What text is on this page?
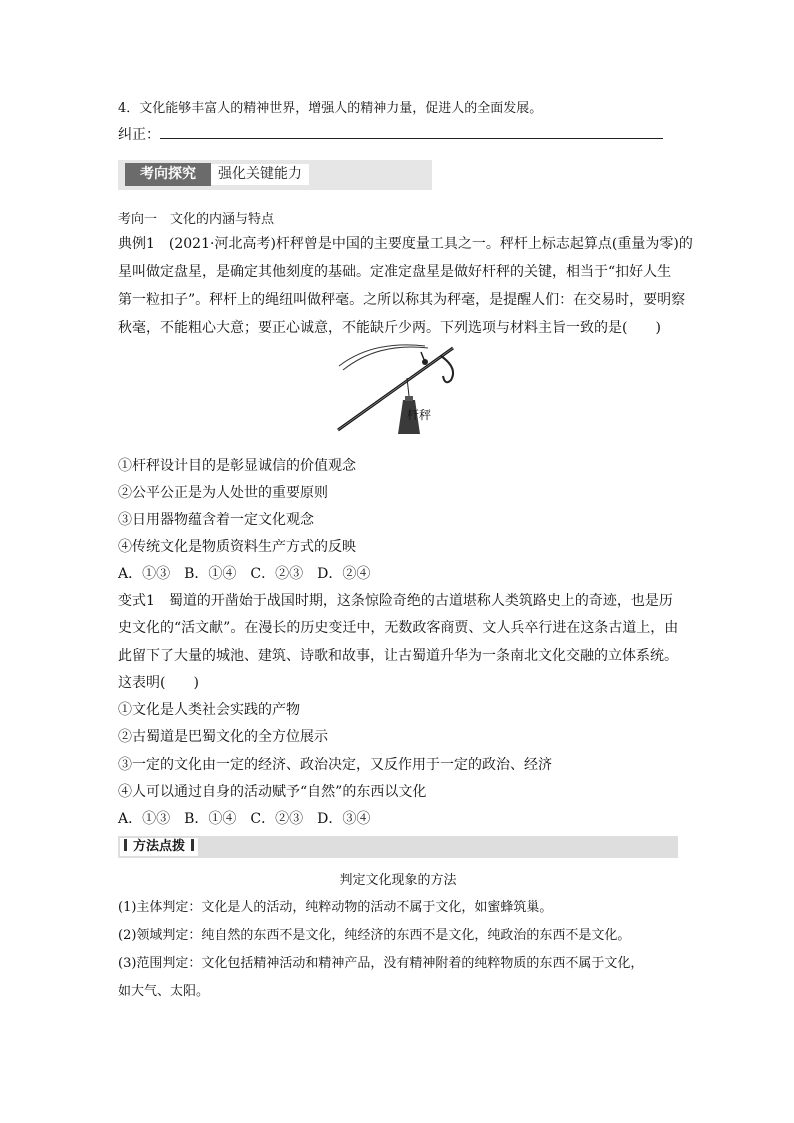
4．文化能够丰富人的精神世界，增强人的精神力量，促进人的全面发展。
纠正：
考向探究	强化关键能力
考向一　文化的内涵与特点
典例1　(2021·河北高考)杆秤曾是中国的主要度量工具之一。秤杆上标志起算点(重量为零)的
星叫做定盘星，是确定其他刻度的基础。定准定盘星是做好杆秤的关键，相当于“扣好人生
第一粒扣子”。秤杆上的绳纽叫做秤毫。之所以称其为秤毫，是提醒人们：在交易时，要明察
秋毫，不能粗心大意；要正心诚意，不能缺斤少两。下列选项与材料主旨一致的是(　　)
杆秤
①杆秤设计目的是彰显诚信的价值观念
②公平公正是为人处世的重要原则
③日用器物蕴含着一定文化观念
④传统文化是物质资料生产方式的反映
A．①③　B．①④　C．②③　D．②④
变式1　蜀道的开凿始于战国时期，这条惊险奇绝的古道堪称人类筑路史上的奇迹，也是历
史文化的“活文献”。在漫长的历史变迁中，无数政客商贾、文人兵卒行进在这条古道上，由
此留下了大量的城池、建筑、诗歌和故事，让古蜀道升华为一条南北文化交融的立体系统。
这表明(　　)
①文化是人类社会实践的产物
②古蜀道是巴蜀文化的全方位展示
③一定的文化由一定的经济、政治决定，又反作用于一定的政治、经济
④人可以通过自身的活动赋予“自然”的东西以文化
A．①③　B．①④　C．②③　D．③④
方法点拨
判定文化现象的方法
(1)主体判定：文化是人的活动，纯粹动物的活动不属于文化，如蜜蜂筑巢。
(2)领域判定：纯自然的东西不是文化，纯经济的东西不是文化，纯政治的东西不是文化。
(3)范围判定：文化包括精神活动和精神产品，没有精神附着的纯粹物质的东西不属于文化，
如大气、太阳。
